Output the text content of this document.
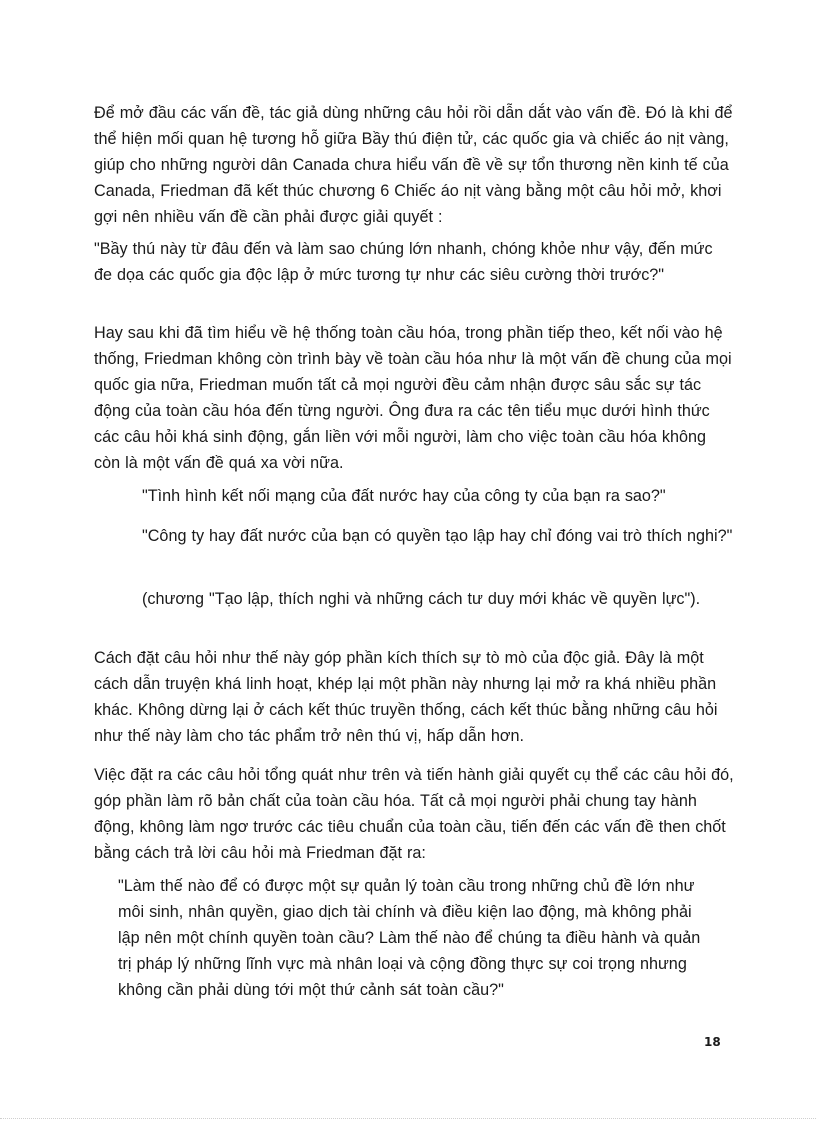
Để mở đầu các vấn đề, tác giả dùng những câu hỏi rồi dẫn dắt vào vấn đề. Đó là khi để thể hiện mối quan hệ tương hỗ giữa Bầy thú điện tử, các quốc gia và chiếc áo nịt vàng, giúp cho những người dân Canada chưa hiểu vấn đề về sự tổn thương nền kinh tế của Canada, Friedman đã kết thúc chương 6 Chiếc áo nịt vàng bằng một câu hỏi mở, khơi gợi nên nhiều vấn đề cần phải được giải quyết :

"Bầy thú này từ đâu đến và làm sao chúng lớn nhanh, chóng khỏe như vậy, đến mức đe dọa các quốc gia độc lập ở mức tương tự như các siêu cường thời trước?"

Hay sau khi đã tìm hiểu về hệ thống toàn cầu hóa, trong phần tiếp theo, kết nối vào hệ thống, Friedman không còn trình bày về toàn cầu hóa như là một vấn đề chung của mọi quốc gia nữa, Friedman muốn tất cả mọi người đều cảm nhận được sâu sắc sự tác động của toàn cầu hóa đến từng người. Ông đưa ra các tên tiểu mục dưới hình thức các câu hỏi khá sinh động, gắn liền với mỗi người, làm cho việc toàn cầu hóa không còn là một vấn đề quá xa vời nữa.

"Tình hình kết nối mạng của đất nước hay của công ty của bạn ra sao?"

"Công ty hay đất nước của bạn có quyền tạo lập hay chỉ đóng vai trò thích nghi?"

(chương "Tạo lập, thích nghi và những cách tư duy mới khác về quyền lực").

Cách đặt câu hỏi như thế này góp phần kích thích sự tò mò của độc giả. Đây là một cách dẫn truyện khá linh hoạt, khép lại một phần này nhưng lại mở ra khá nhiều phần khác. Không dừng lại ở cách kết thúc truyền thống, cách kết thúc bằng những câu hỏi như thế này làm cho tác phẩm trở nên thú vị, hấp dẫn hơn.

Việc đặt ra các câu hỏi tổng quát như trên và tiến hành giải quyết cụ thể các câu hỏi đó, góp phần làm rõ bản chất của toàn cầu hóa. Tất cả mọi người phải chung tay hành động, không làm ngơ trước các tiêu chuẩn của toàn cầu, tiến đến các vấn đề then chốt bằng cách trả lời câu hỏi mà Friedman đặt ra:

"Làm thế nào để có được một sự quản lý toàn cầu trong những chủ đề lớn như môi sinh, nhân quyền, giao dịch tài chính và điều kiện lao động, mà không phải lập nên một chính quyền toàn cầu? Làm thế nào để chúng ta điều hành và quản trị pháp lý những lĩnh vực mà nhân loại và cộng đồng thực sự coi trọng nhưng không cần phải dùng tới một thứ cảnh sát toàn cầu?"

18
